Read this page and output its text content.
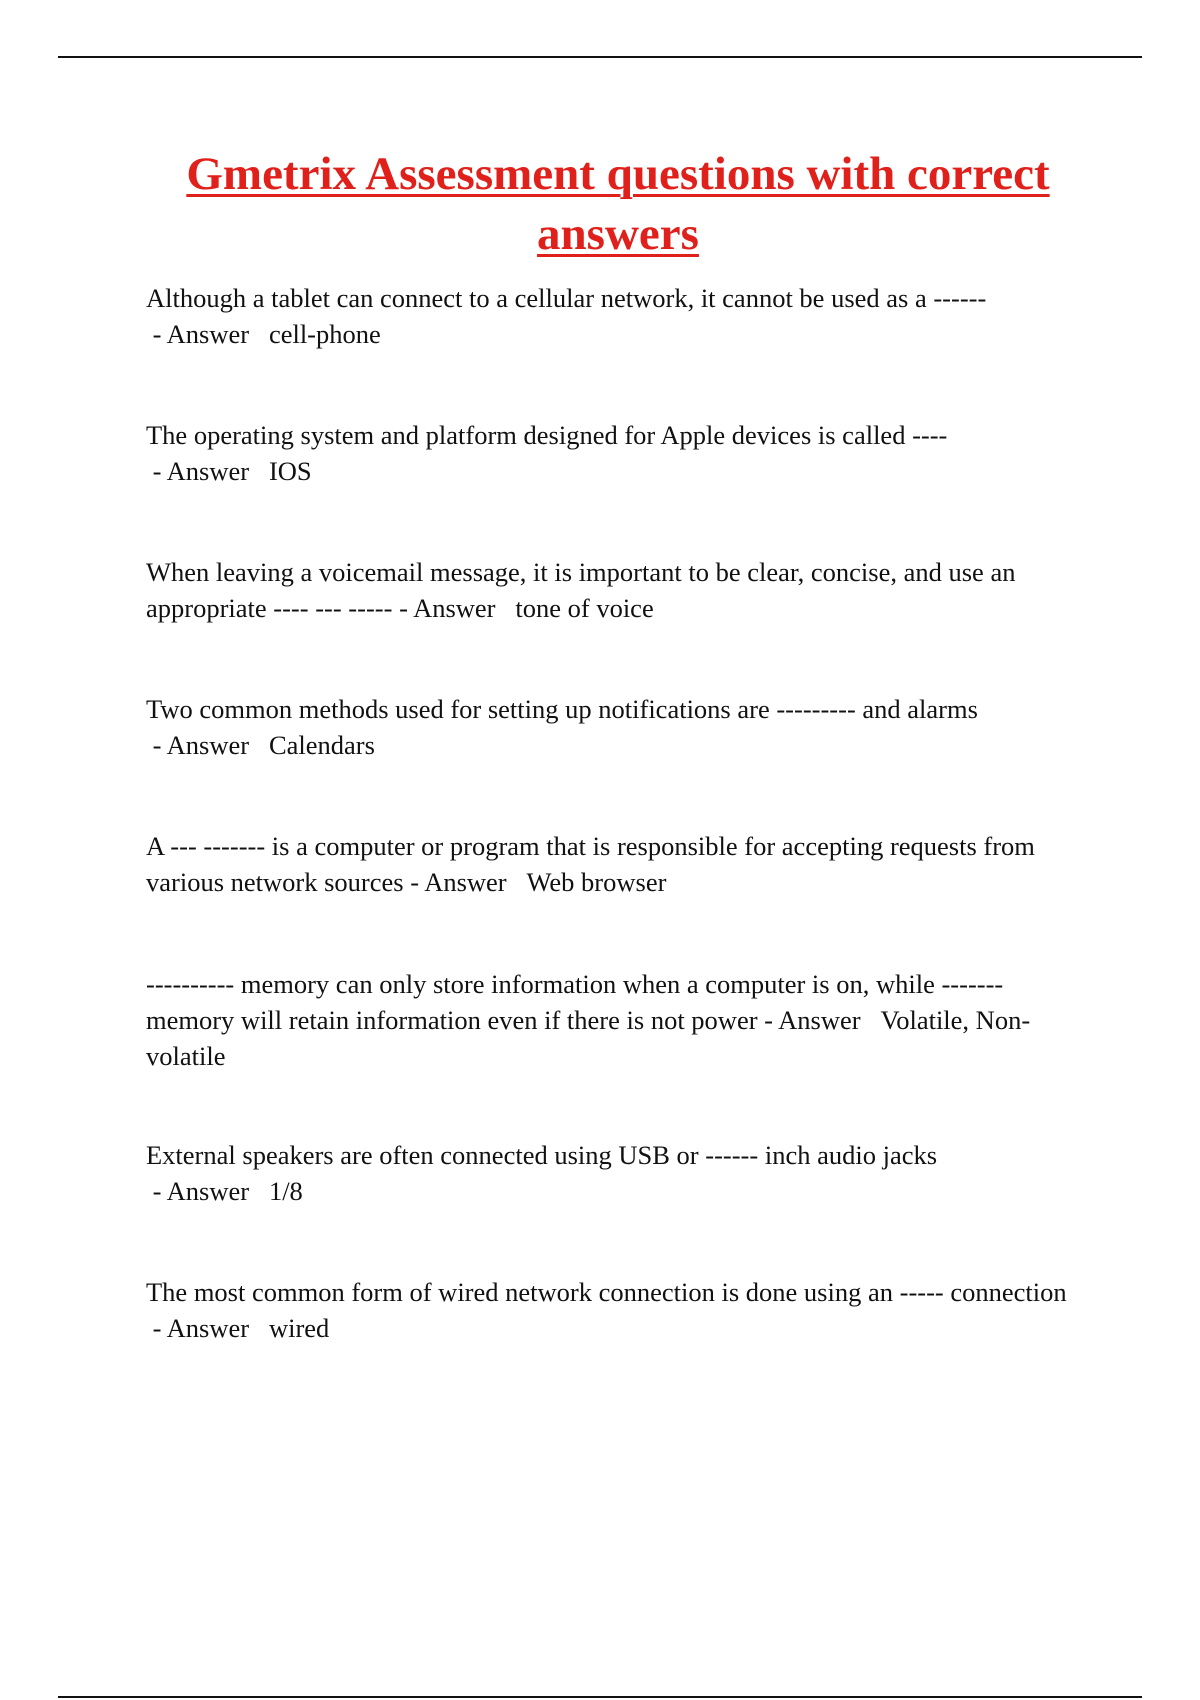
Gmetrix Assessment questions with correct answers
Although a tablet can connect to a cellular network, it cannot be used as a ------ - Answer cell-phone
The operating system and platform designed for Apple devices is called ---- - Answer IOS
When leaving a voicemail message, it is important to be clear, concise, and use an appropriate ---- --- ----- - Answer tone of voice
Two common methods used for setting up notifications are --------- and alarms - Answer Calendars
A --- ------- is a computer or program that is responsible for accepting requests from various network sources - Answer Web browser
---------- memory can only store information when a computer is on, while ------- memory will retain information even if there is not power - Answer Volatile, Non-volatile
External speakers are often connected using USB or ------ inch audio jacks - Answer 1/8
The most common form of wired network connection is done using an ----- connection - Answer wired
